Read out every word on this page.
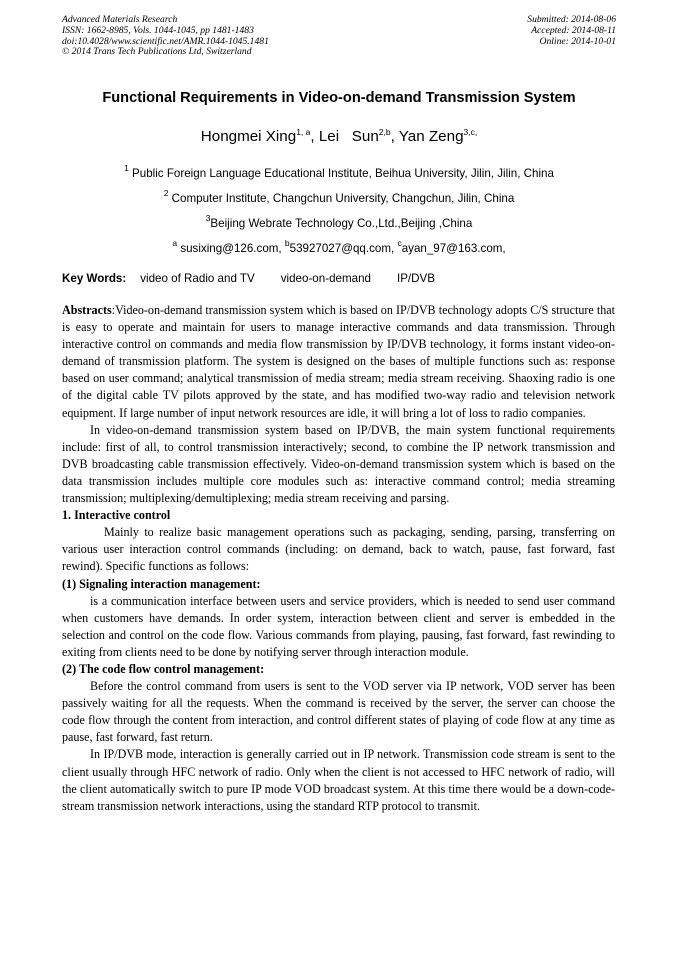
Advanced Materials Research
ISSN: 1662-8985, Vols. 1044-1045, pp 1481-1483
doi:10.4028/www.scientific.net/AMR.1044-1045.1481
© 2014 Trans Tech Publications Ltd, Switzerland
Submitted: 2014-08-06
Accepted: 2014-08-11
Online: 2014-10-01
Functional Requirements in Video-on-demand Transmission System
Hongmei Xing$^{1, a}$, Lei   Sun$^{2,b}$, Yan Zeng$^{3,c,}$
$^1$ Public Foreign Language Educational Institute, Beihua University, Jilin, Jilin, China
$^2$ Computer Institute, Changchun University, Changchun, Jilin, China
$^3$Beijing Webrate Technology Co.,Ltd.,Beijing ,China
$^a$ susixing@126.com, $^b$53927027@qq.com, $^c$ayan_97@163.com,
Key Words: video of Radio and TV video-on-demand IP/DVB

Abstracts:Video-on-demand transmission system which is based on IP/DVB technology adopts C/S structure that is easy to operate and maintain for users to manage interactive commands and data transmission. Through interactive control on commands and media flow transmission by IP/DVB technology, it forms instant video-on-demand of transmission platform. The system is designed on the bases of multiple functions such as: response based on user command; analytical transmission of media stream; media stream receiving. Shaoxing radio is one of the digital cable TV pilots approved by the state, and has modified two-way radio and television network equipment. If large number of input network resources are idle, it will bring a lot of loss to radio companies.

In video-on-demand transmission system based on IP/DVB, the main system functional requirements include: first of all, to control transmission interactively; second, to combine the IP network transmission and DVB broadcasting cable transmission effectively. Video-on-demand transmission system which is based on the data transmission includes multiple core modules such as: interactive command control; media streaming transmission; multiplexing/demultiplexing; media stream receiving and parsing.

1. Interactive control

Mainly to realize basic management operations such as packaging, sending, parsing, transferring on various user interaction control commands (including: on demand, back to watch, pause, fast forward, fast rewind). Specific functions as follows:

(1) Signaling interaction management:

is a communication interface between users and service providers, which is needed to send user command when customers have demands. In order system, interaction between client and server is embedded in the selection and control on the code flow. Various commands from playing, pausing, fast forward, fast rewinding to exiting from clients need to be done by notifying server through interaction module.

(2) The code flow control management:

Before the control command from users is sent to the VOD server via IP network, VOD server has been passively waiting for all the requests. When the command is received by the server, the server can choose the code flow through the content from interaction, and control different states of playing of code flow at any time as pause, fast forward, fast return.

In IP/DVB mode, interaction is generally carried out in IP network. Transmission code stream is sent to the client usually through HFC network of radio. Only when the client is not accessed to HFC network of radio, will the client automatically switch to pure IP mode VOD broadcast system. At this time there would be a down-code-stream transmission network interactions, using the standard RTP protocol to transmit.
